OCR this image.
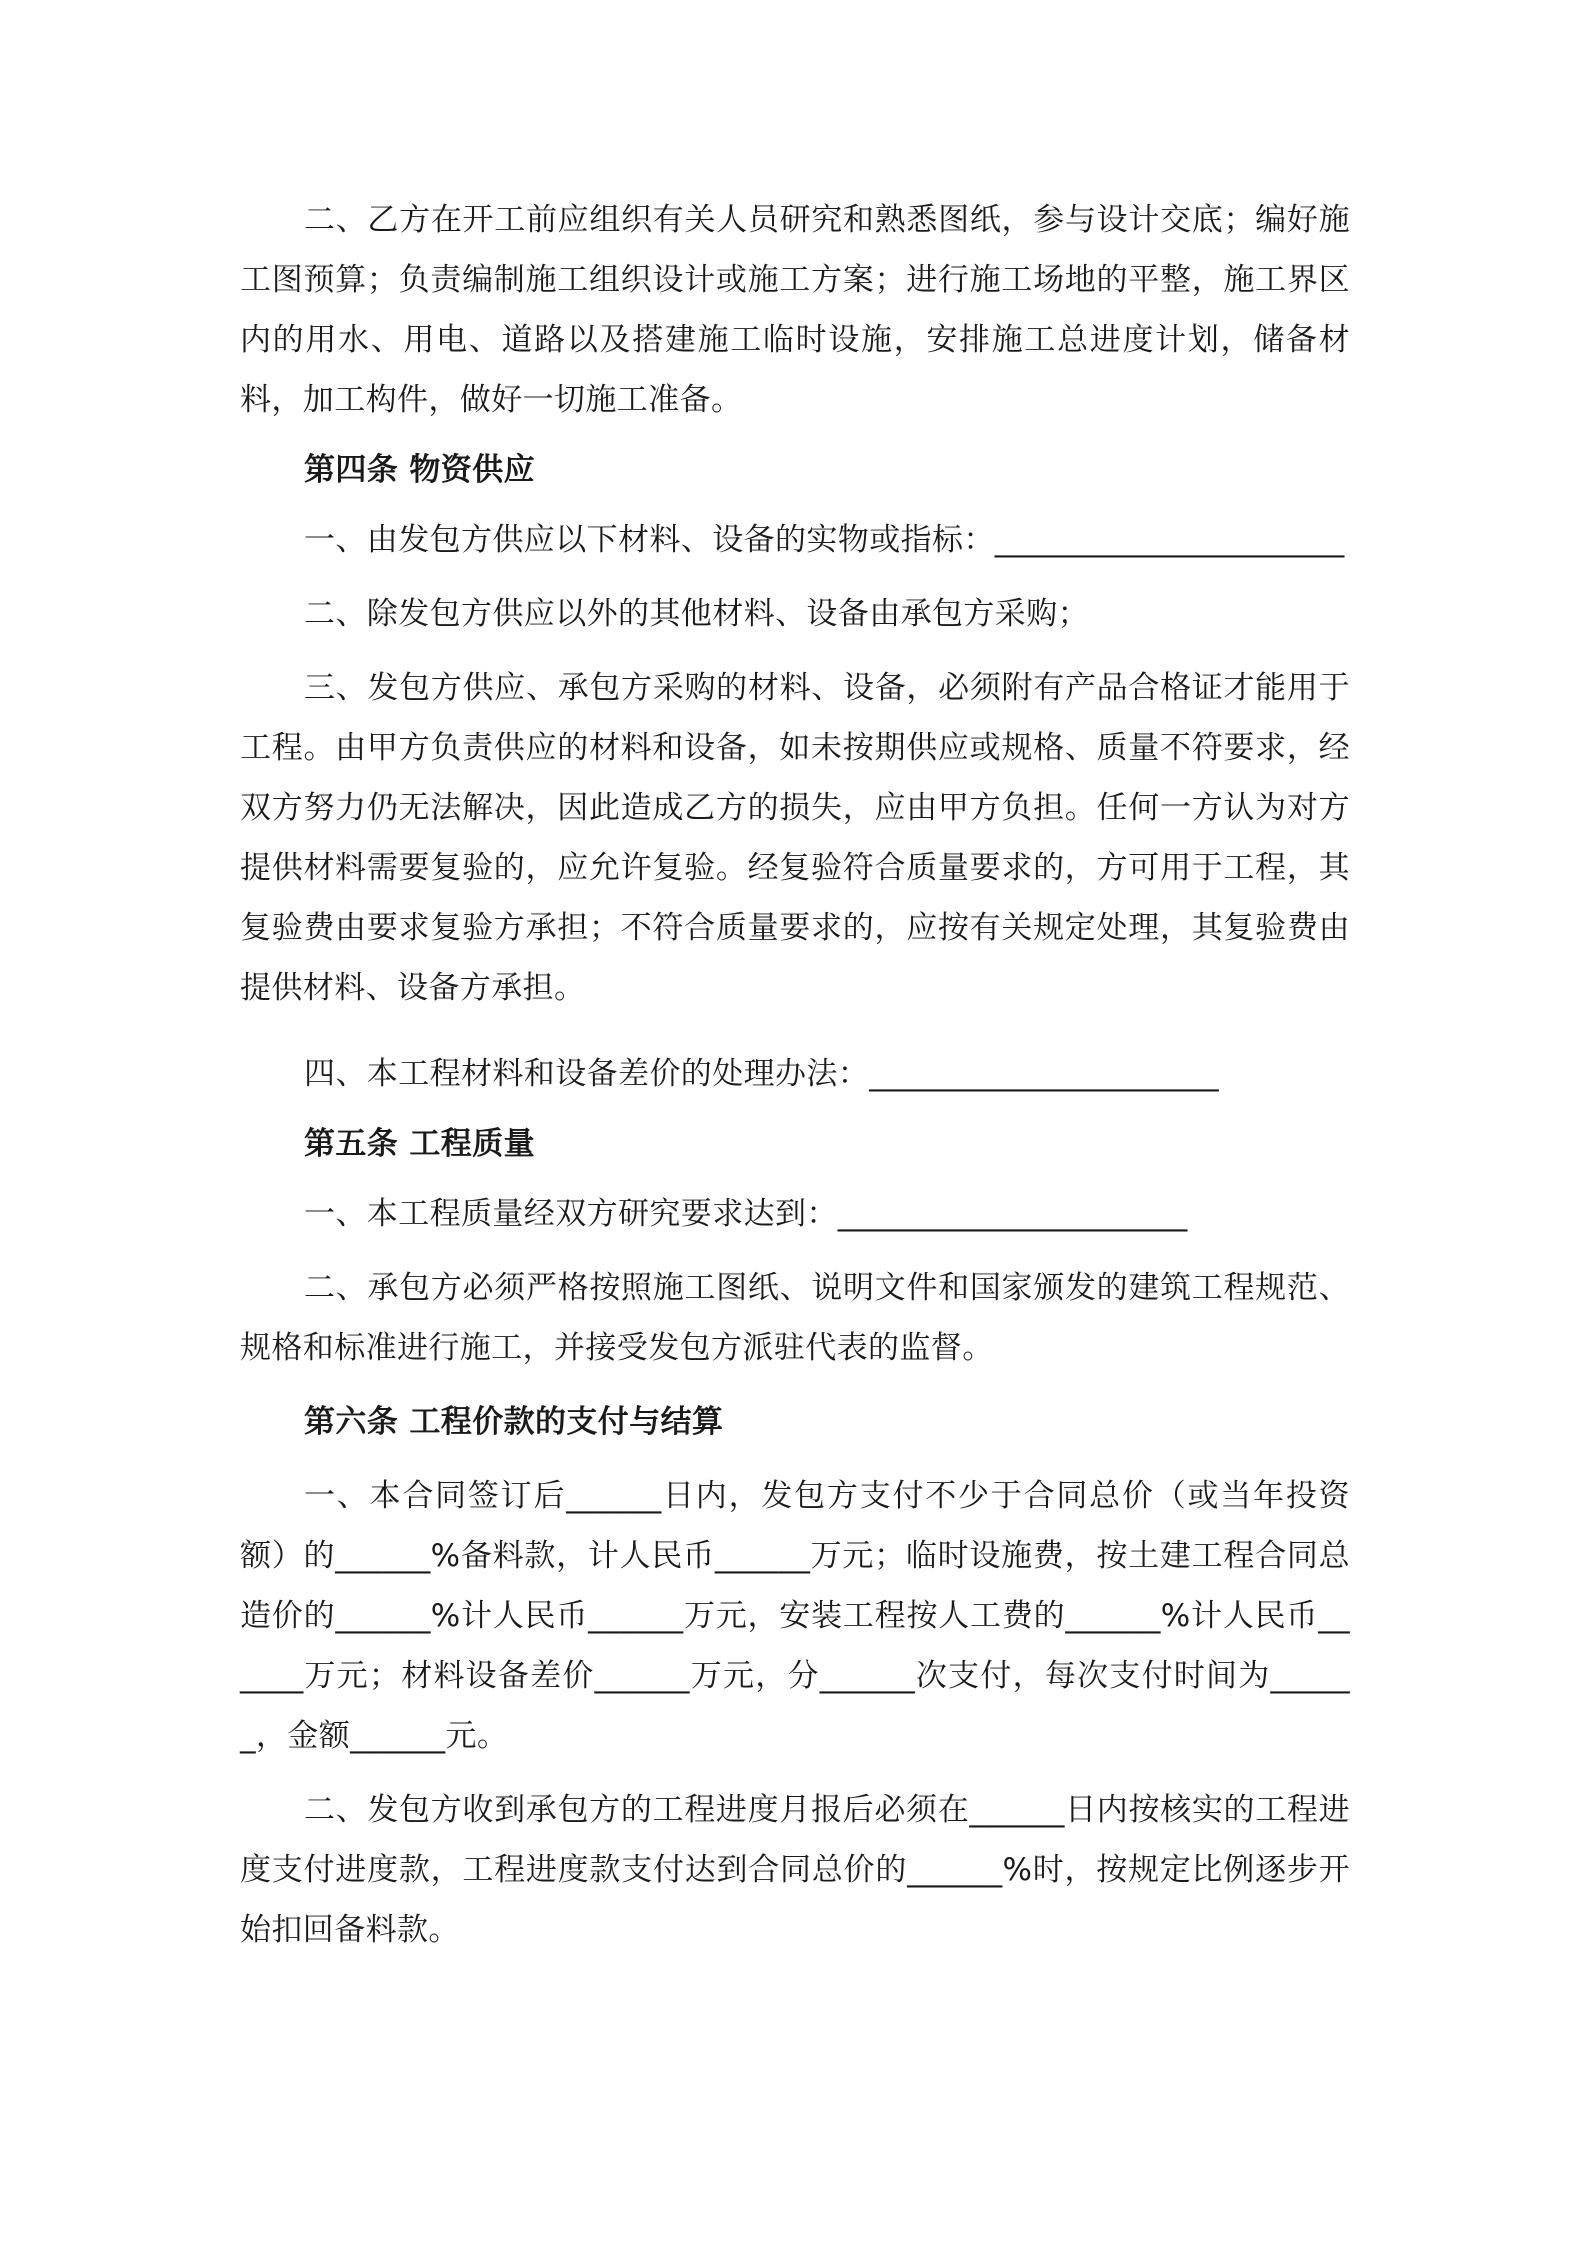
二、乙方在开工前应组织有关人员研究和熟悉图纸，参与设计交底；编好施工图预算；负责编制施工组织设计或施工方案；进行施工场地的平整，施工界区内的用水、用电、道路以及搭建施工临时设施，安排施工总进度计划，储备材料，加工构件，做好一切施工准备。

第四条 物资供应

一、由发包方供应以下材料、设备的实物或指标：______________________

二、除发包方供应以外的其他材料、设备由承包方采购；

三、发包方供应、承包方采购的材料、设备，必须附有产品合格证才能用于工程。由甲方负责供应的材料和设备，如未按期供应或规格、质量不符要求，经双方努力仍无法解决，因此造成乙方的损失，应由甲方负担。任何一方认为对方提供材料需要复验的，应允许复验。经复验符合质量要求的，方可用于工程，其复验费由要求复验方承担；不符合质量要求的，应按有关规定处理，其复验费由提供材料、设备方承担。

四、本工程材料和设备差价的处理办法：______________________

第五条 工程质量

一、本工程质量经双方研究要求达到：______________________

二、承包方必须严格按照施工图纸、说明文件和国家颁发的建筑工程规范、规格和标准进行施工，并接受发包方派驻代表的监督。

第六条 工程价款的支付与结算

一、本合同签订后______日内，发包方支付不少于合同总价（或当年投资额）的______%备料款，计人民币______万元；临时设施费，按土建工程合同总造价的______%计人民币______万元，安装工程按人工费的______%计人民币______万元；材料设备差价______万元，分______次支付，每次支付时间为______，金额______元。

二、发包方收到承包方的工程进度月报后必须在______日内按核实的工程进度支付进度款，工程进度款支付达到合同总价的______%时，按规定比例逐步开始扣回备料款。
